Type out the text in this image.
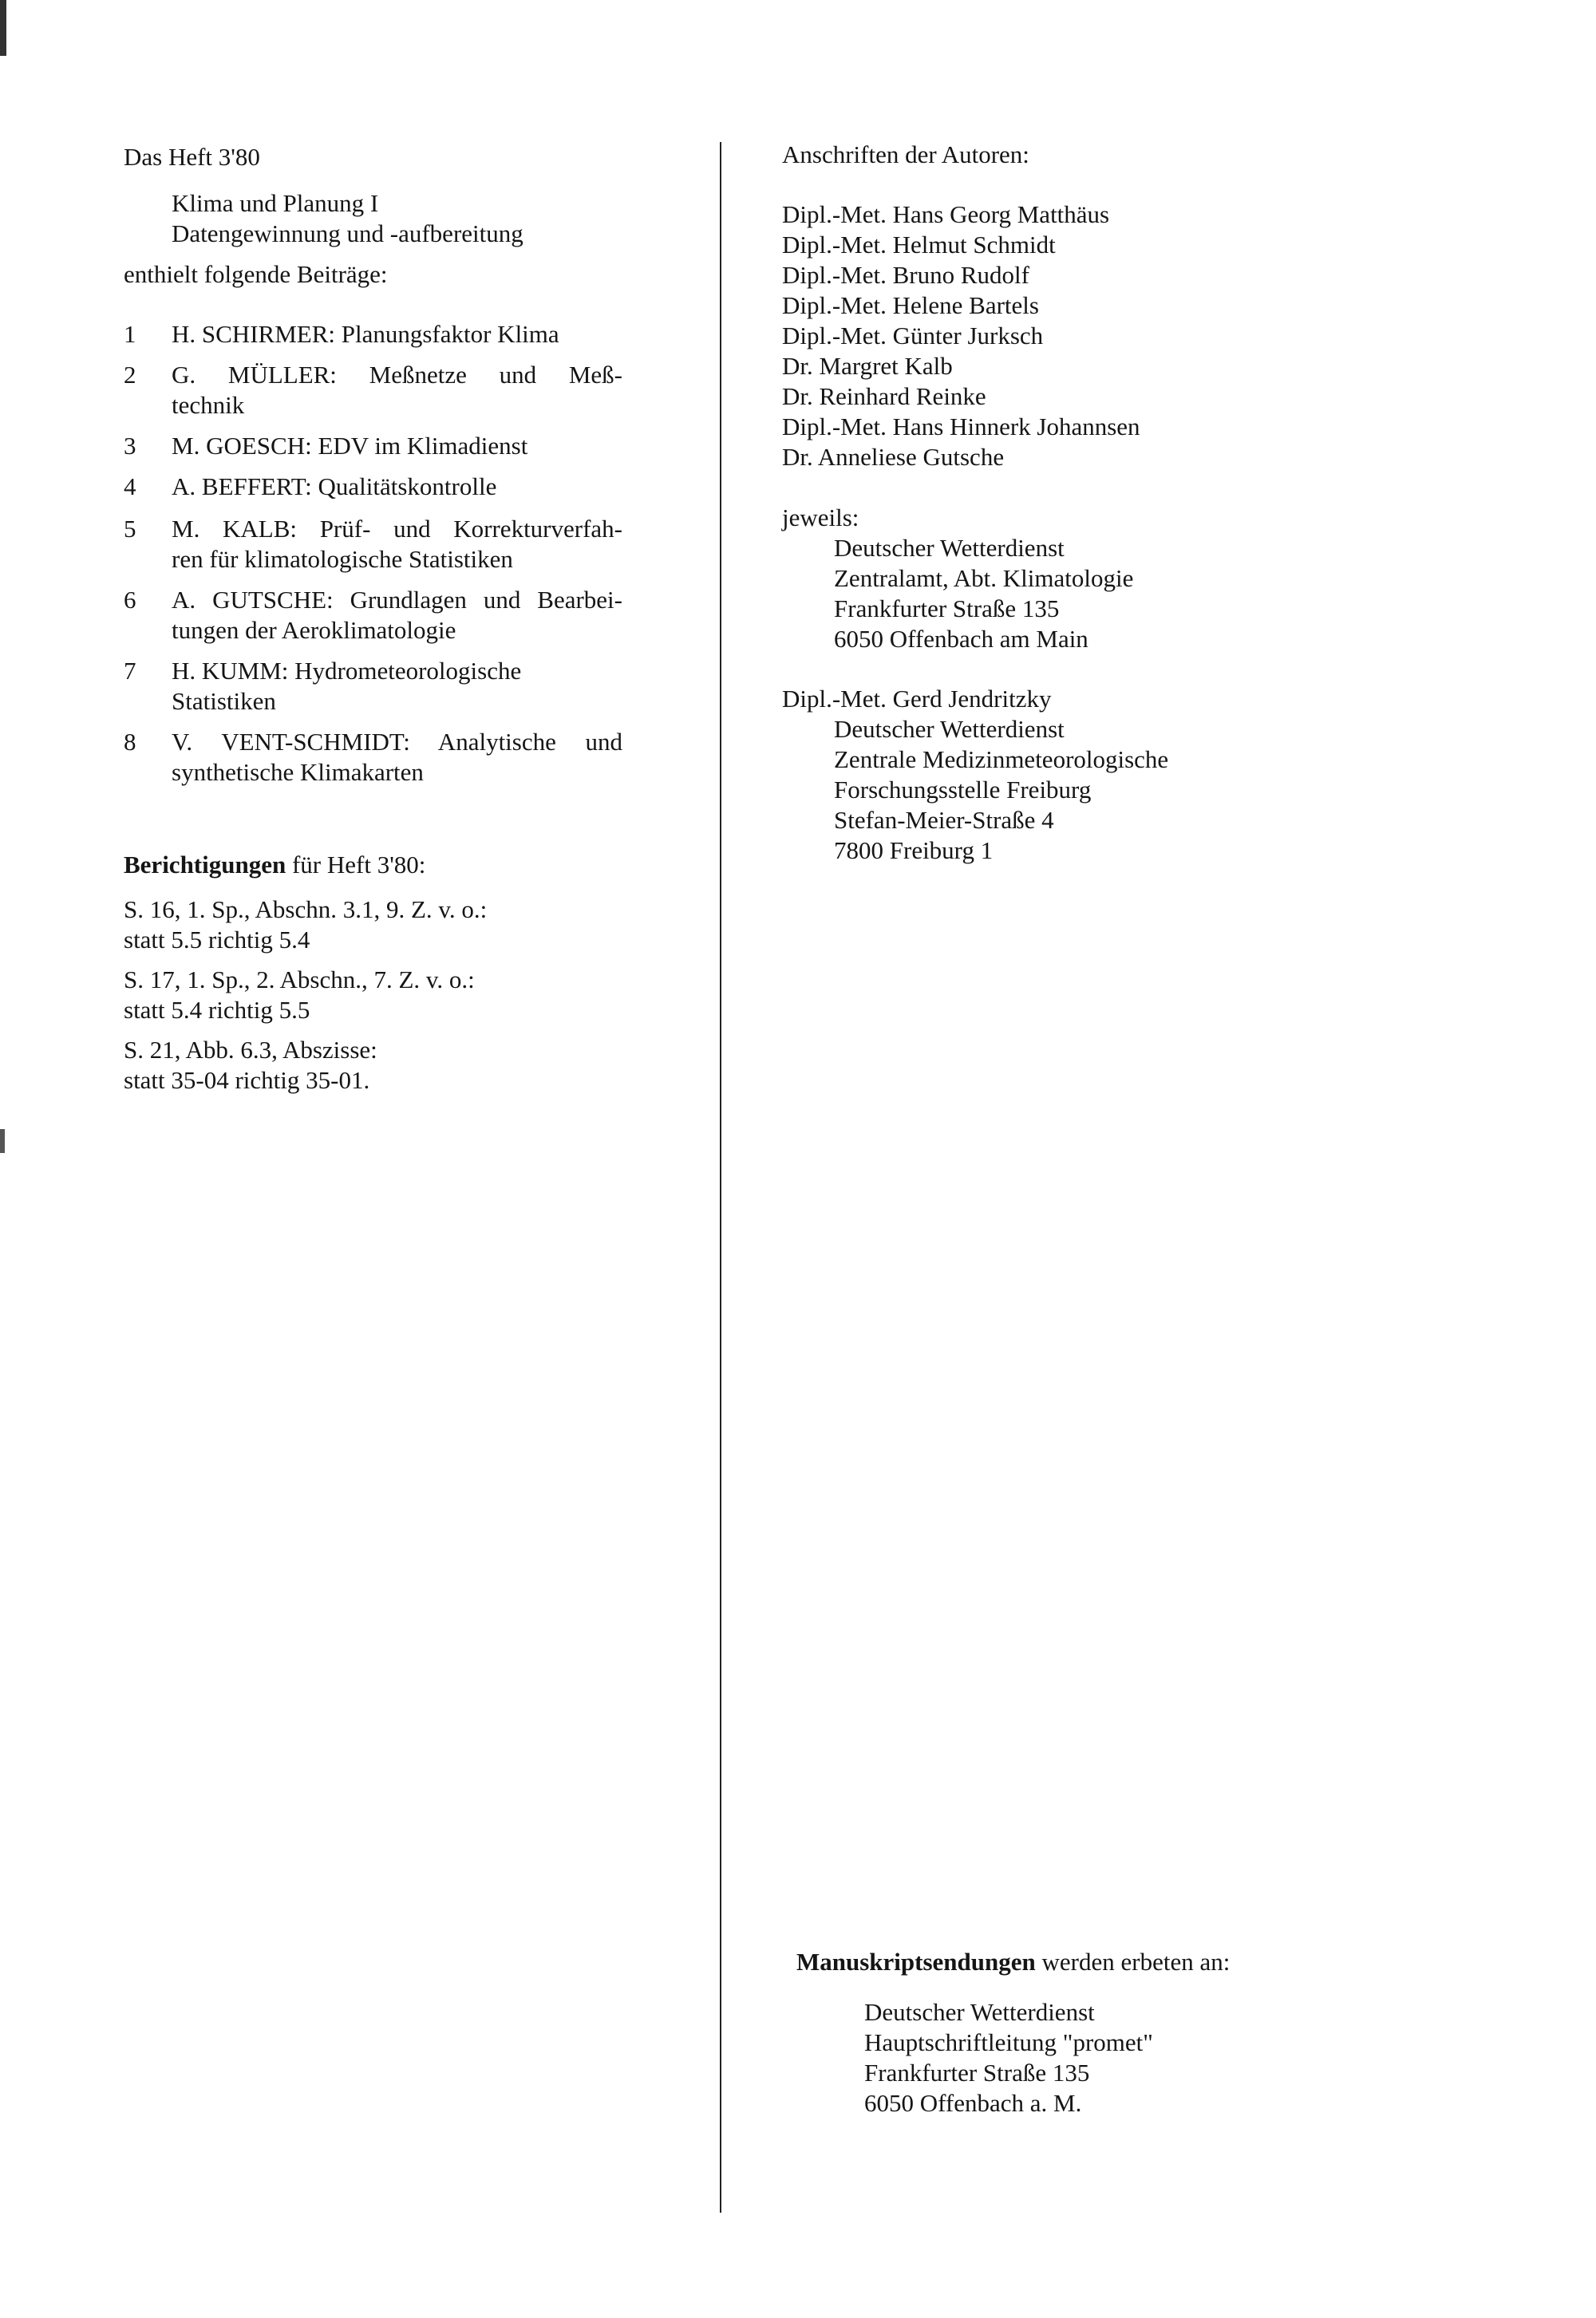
Das Heft 3'80
Klima und Planung I
Datengewinnung und -aufbereitung
enthielt folgende Beiträge:
1 H. SCHIRMER: Planungsfaktor Klima
2 G. MÜLLER: Meßnetze und Meß-
technik
3 M. GOESCH: EDV im Klimadienst
4 A. BEFFERT: Qualitätskontrolle
5 M. KALB: Prüf- und Korrekturverfah-
ren für klimatologische Statistiken
6 A. GUTSCHE: Grundlagen und Bearbei-
tungen der Aeroklimatologie
7 H. KUMM: Hydrometeorologische
Statistiken
8 V. VENT-SCHMIDT: Analytische und
synthetische Klimakarten
Berichtigungen für Heft 3'80:
S. 16, 1. Sp., Abschn. 3.1, 9. Z. v. o.:
statt 5.5 richtig 5.4
S. 17, 1. Sp., 2. Abschn., 7. Z. v. o.:
statt 5.4 richtig 5.5
S. 21, Abb. 6.3, Abszisse:
statt 35-04 richtig 35-01.
Anschriften der Autoren:
Dipl.-Met. Hans Georg Matthäus
Dipl.-Met. Helmut Schmidt
Dipl.-Met. Bruno Rudolf
Dipl.-Met. Helene Bartels
Dipl.-Met. Günter Jurksch
Dr. Margret Kalb
Dr. Reinhard Reinke
Dipl.-Met. Hans Hinnerk Johannsen
Dr. Anneliese Gutsche
jeweils:
Deutscher Wetterdienst
Zentralamt, Abt. Klimatologie
Frankfurter Straße 135
6050 Offenbach am Main
Dipl.-Met. Gerd Jendritzky
Deutscher Wetterdienst
Zentrale Medizinmeteorologische
Forschungsstelle Freiburg
Stefan-Meier-Straße 4
7800 Freiburg 1
Manuskriptsendungen werden erbeten an:
Deutscher Wetterdienst
Hauptschriftleitung "promet"
Frankfurter Straße 135
6050 Offenbach a. M.
